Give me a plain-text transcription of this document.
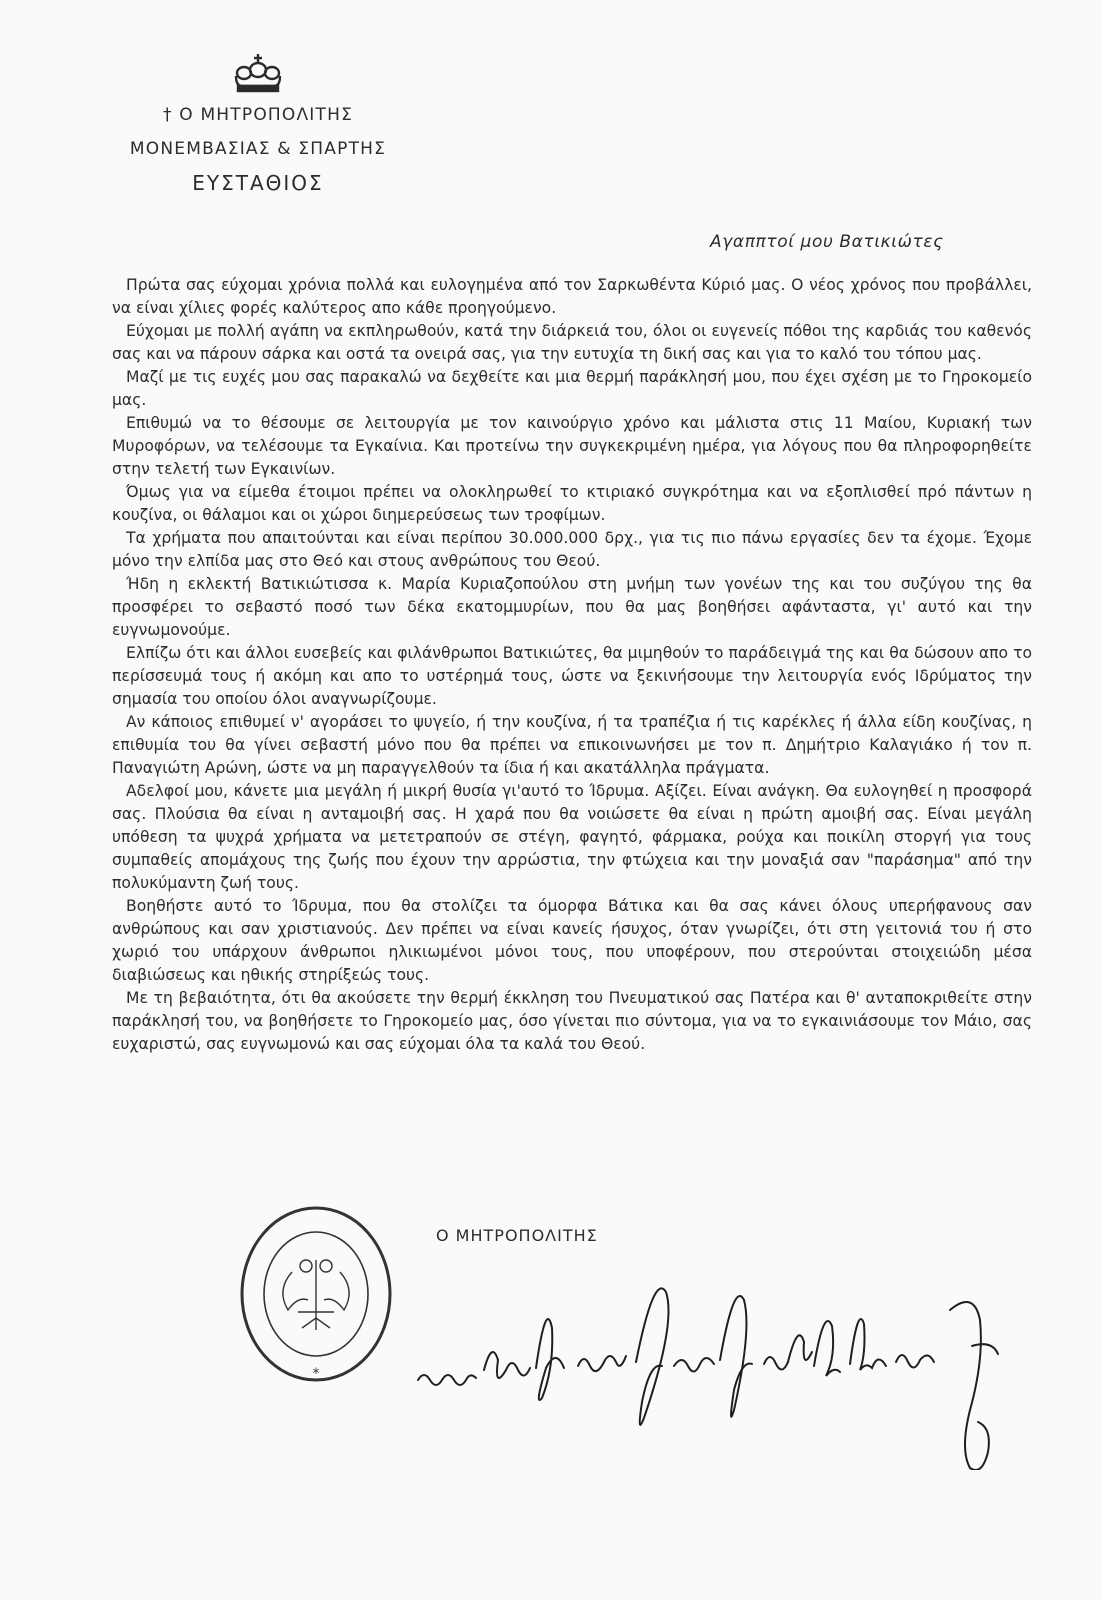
† Ο ΜΗΤΡΟΠΟΛΙΤΗΣ
ΜΟΝΕΜΒΑΣΙΑΣ & ΣΠΑΡΤΗΣ
ΕΥΣΤΑΘΙΟΣ
Αγαππτοί μου Βατικιώτες

Πρώτα σας εύχομαι χρόνια πολλά και ευλογημένα από τον Σαρκωθέντα Κύριό μας. Ο νέος χρόνος που προβάλλει, να είναι χίλιες φορές καλύτερος απο κάθε προηγούμενο.

Εύχομαι με πολλή αγάπη να εκπληρωθούν, κατά την διάρκειά του, όλοι οι ευγενείς πόθοι της καρδιάς του καθενός σας και να πάρουν σάρκα και οστά τα ονειρά σας, για την ευτυχία τη δική σας και για το καλό του τόπου μας.

Μαζί με τις ευχές μου σας παρακαλώ να δεχθείτε και μια θερμή παράκλησή μου, που έχει σχέση με το Γηροκομείο μας.

Επιθυμώ να το θέσουμε σε λειτουργία με τον καινούργιο χρόνο και μάλιστα στις 11 Μαίου, Κυριακή των Μυροφόρων, να τελέσουμε τα Εγκαίνια. Και προτείνω την συγκεκριμένη ημέρα, για λόγους που θα πληροφορηθείτε στην τελετή των Εγκαινίων.

Όμως για να είμεθα έτοιμοι πρέπει να ολοκληρωθεί το κτιριακό συγκρότημα και να εξοπλισθεί πρό πάντων η κουζίνα, οι θάλαμοι και οι χώροι διημερεύσεως των τροφίμων.

Τα χρήματα που απαιτούνται και είναι περίπου 30.000.000 δρχ., για τις πιο πάνω εργασίες δεν τα έχομε. Έχομε μόνο την ελπίδα μας στο Θεό και στους ανθρώπους του Θεού.

Ήδη η εκλεκτή Βατικιώτισσα κ. Μαρία Κυριαζοπούλου στη μνήμη των γονέων της και του συζύγου της θα προσφέρει το σεβαστό ποσό των δέκα εκατομμυρίων, που θα μας βοηθήσει αφάνταστα, γι' αυτό και την ευγνωμονούμε.

Ελπίζω ότι και άλλοι ευσεβείς και φιλάνθρωποι Βατικιώτες, θα μιμηθούν το παράδειγμά της και θα δώσουν απο το περίσσευμά τους ή ακόμη και απο το υστέρημά τους, ώστε να ξεκινήσουμε την λειτουργία ενός Ιδρύματος την σημασία του οποίου όλοι αναγνωρίζουμε.

Αν κάποιος επιθυμεί ν' αγοράσει το ψυγείο, ή την κουζίνα, ή τα τραπέζια ή τις καρέκλες ή άλλα είδη κουζίνας, η επιθυμία του θα γίνει σεβαστή μόνο που θα πρέπει να επικοινωνήσει με τον π. Δημήτριο Καλαγιάκο ή τον π. Παναγιώτη Αρώνη, ώστε να μη παραγγελθούν τα ίδια ή και ακατάλληλα πράγματα.

Αδελφοί μου, κάνετε μια μεγάλη ή μικρή θυσία γι'αυτό το Ίδρυμα. Αξίζει. Είναι ανάγκη. Θα ευλογηθεί η προσφορά σας. Πλούσια θα είναι η ανταμοιβή σας. Η χαρά που θα νοιώσετε θα είναι η πρώτη αμοιβή σας. Είναι μεγάλη υπόθεση τα ψυχρά χρήματα να μετετραπούν σε στέγη, φαγητό, φάρμακα, ρούχα και ποικίλη στοργή για τους συμπαθείς απομάχους της ζωής που έχουν την αρρώστια, την φτώχεια και την μοναξιά σαν "παράσημα" από την πολυκύμαντη ζωή τους.

Βοηθήστε αυτό το Ίδρυμα, που θα στολίζει τα όμορφα Βάτικα και θα σας κάνει όλους υπερήφανους σαν ανθρώπους και σαν χριστιανούς. Δεν πρέπει να είναι κανείς ήσυχος, όταν γνωρίζει, ότι στη γειτονιά του ή στο χωριό του υπάρχουν άνθρωποι ηλικιωμένοι μόνοι τους, που υποφέρουν, που στερούνται στοιχειώδη μέσα διαβιώσεως και ηθικής στηρίξεώς τους.

Με τη βεβαιότητα, ότι θα ακούσετε την θερμή έκκληση του Πνευματικού σας Πατέρα και θ' ανταποκριθείτε στην παράκλησή του, να βοηθήσετε το Γηροκομείο μας, όσο γίνεται πιο σύντομα, για να το εγκαινιάσουμε τον Μάιο, σας ευχαριστώ, σας ευγνωμονώ και σας εύχομαι όλα τα καλά του Θεού.

*
Ο ΜΗΤΡΟΠΟΛΙΤΗΣ
